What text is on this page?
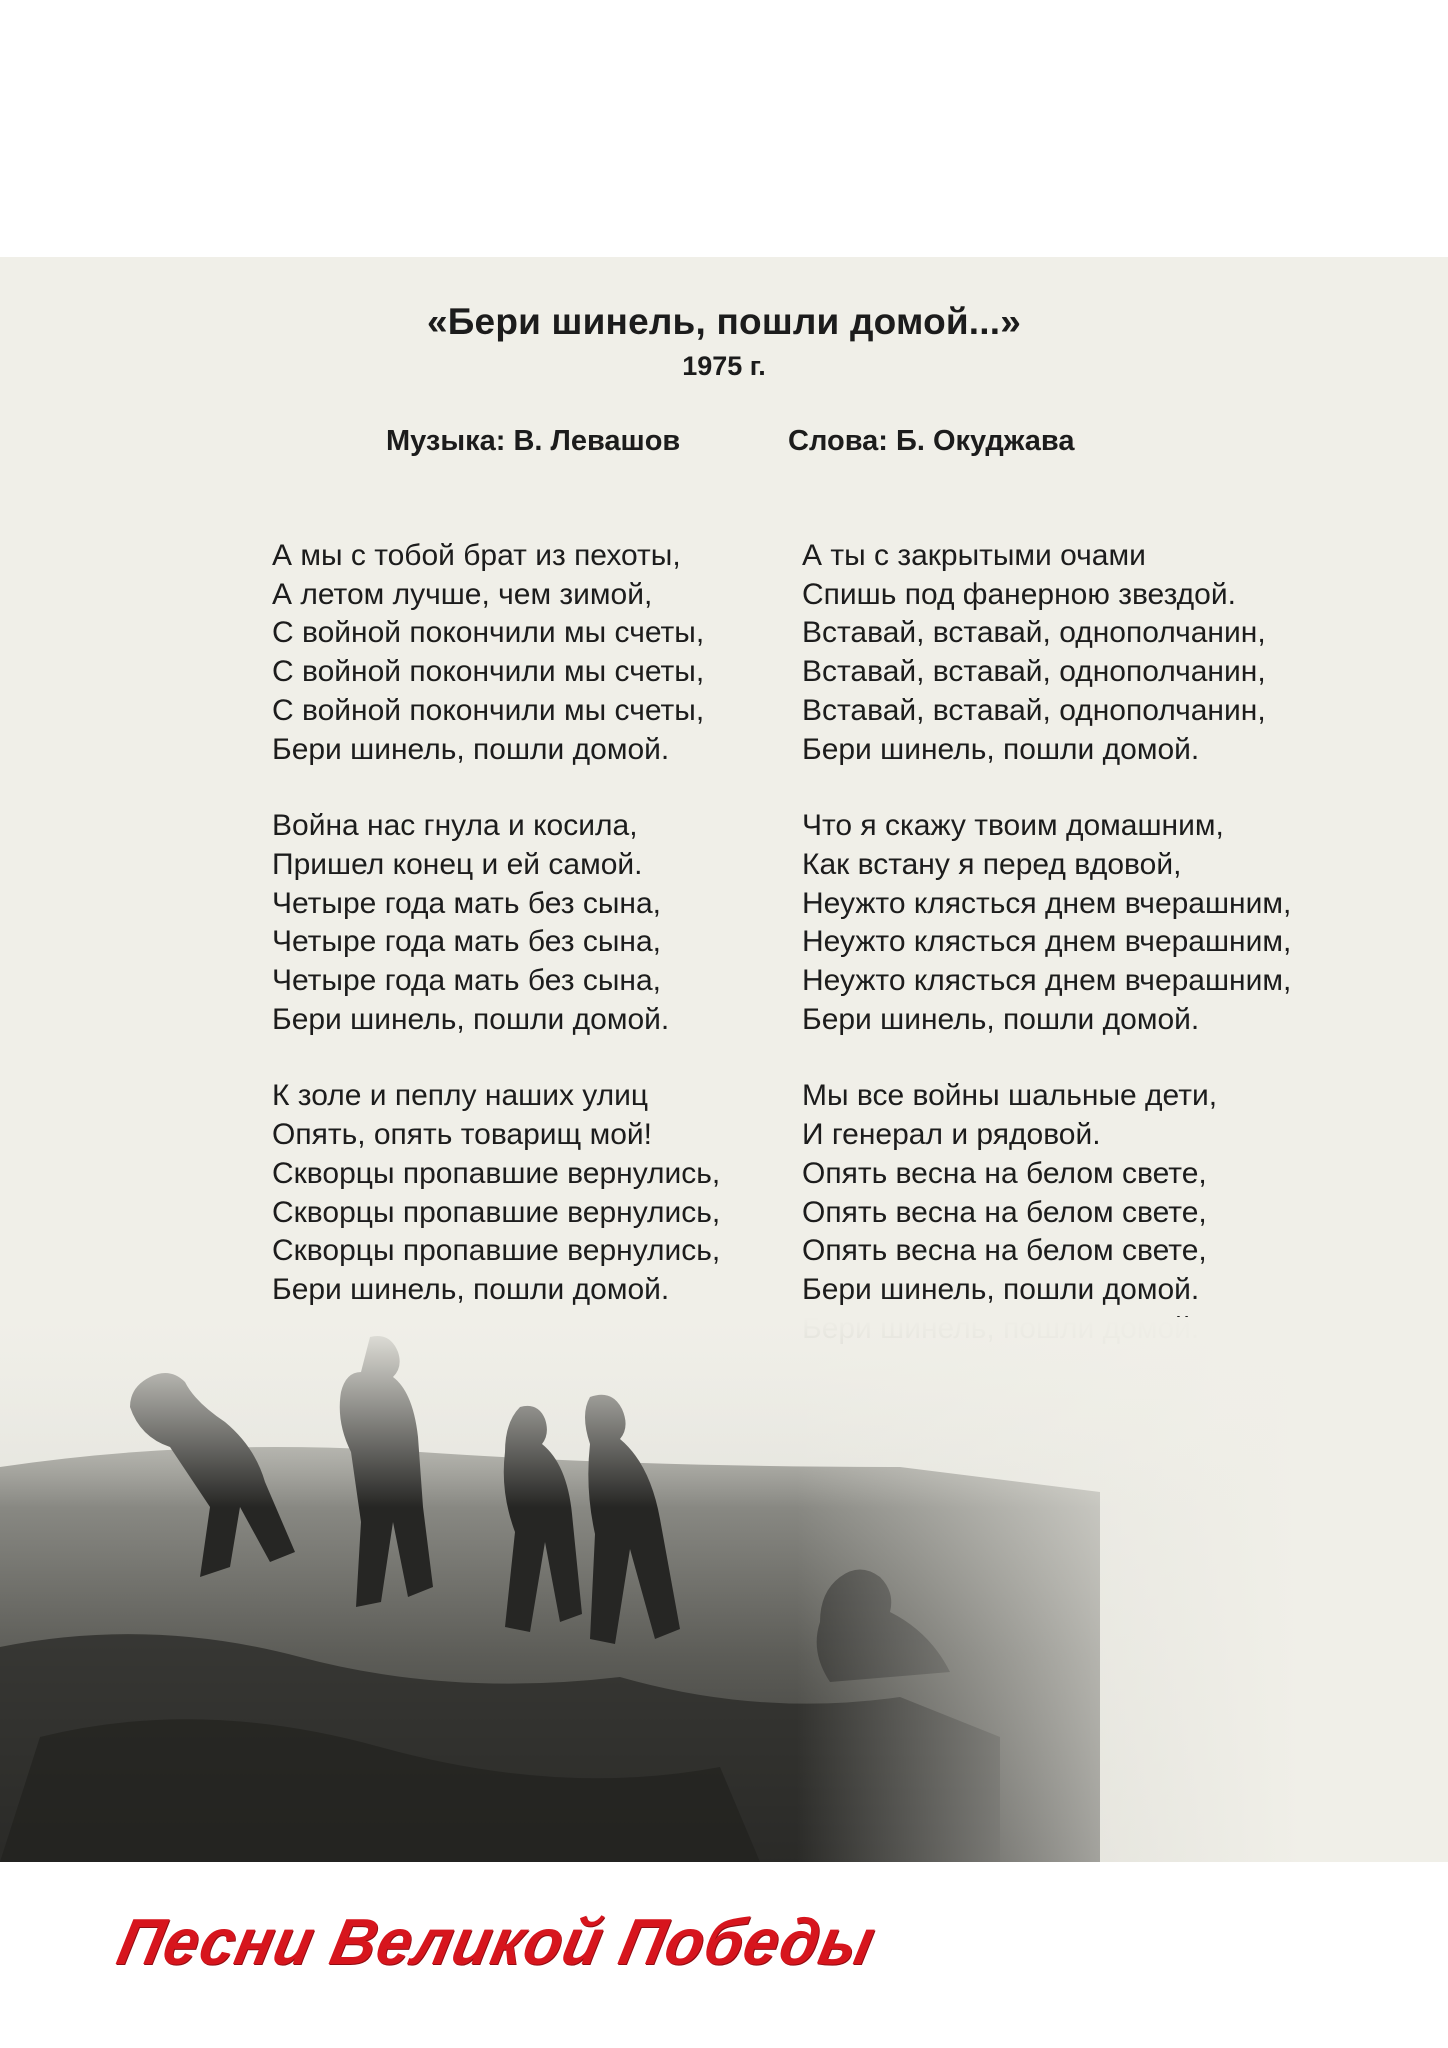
«Бери шинель, пошли домой...»
1975 г.
Музыка: В. Левашов	Слова: Б. Окуджава
А мы с тобой брат из пехоты,
А летом лучше, чем зимой,
С войной покончили мы счеты,
С войной покончили мы счеты,
С войной покончили мы счеты,
Бери шинель, пошли домой.
Война нас гнула и косила,
Пришел конец и ей самой.
Четыре года мать без сына,
Четыре года мать без сына,
Четыре года мать без сына,
Бери шинель, пошли домой.
К золе и пеплу наших улиц
Опять, опять товарищ мой!
Скворцы пропавшие вернулись,
Скворцы пропавшие вернулись,
Скворцы пропавшие вернулись,
Бери шинель, пошли домой.
А ты с закрытыми очами
Спишь под фанерною звездой.
Вставай, вставай, однополчанин,
Вставай, вставай, однополчанин,
Вставай, вставай, однополчанин,
Бери шинель, пошли домой.
Что я скажу твоим домашним,
Как встану я перед вдовой,
Неужто клясться днем вчерашним,
Неужто клясться днем вчерашним,
Неужто клясться днем вчерашним,
Бери шинель, пошли домой.
Мы все войны шальные дети,
И генерал и рядовой.
Опять весна на белом свете,
Опять весна на белом свете,
Опять весна на белом свете,
Бери шинель, пошли домой.
Песни Великой Победы
